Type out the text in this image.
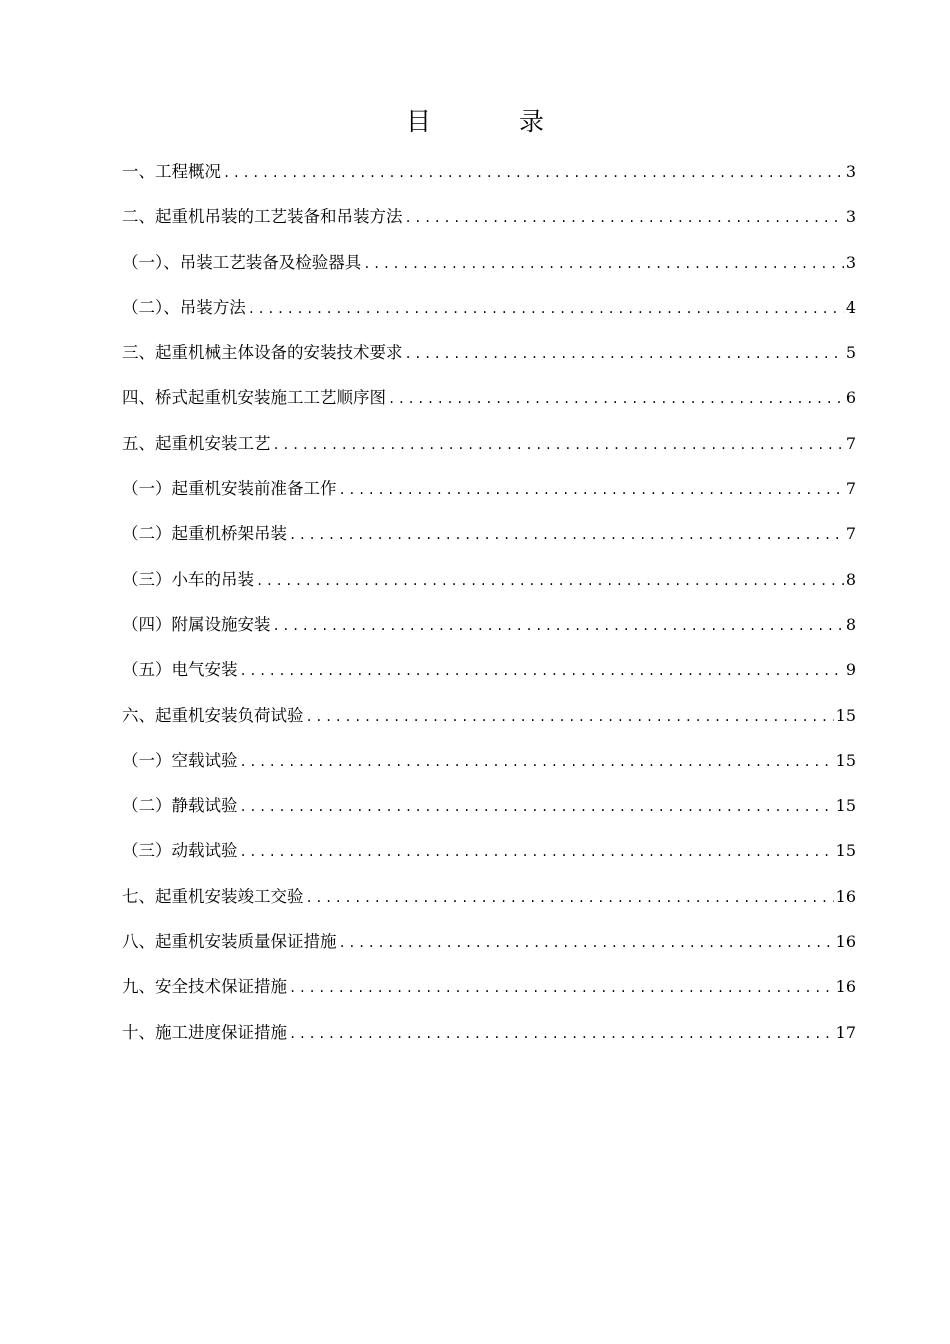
目录
一、工程概况 .....	3
二、起重机吊装的工艺装备和吊装方法 .....	3
（一）、吊装工艺装备及检验器具 .....	3
（二）、吊装方法 .....	4
三、起重机械主体设备的安装技术要求 .....	5
四、桥式起重机安装施工工艺顺序图 .....	6
五、起重机安装工艺 .....	7
（一）起重机安装前准备工作 .....	7
（二）起重机桥架吊装 .....	7
（三）小车的吊装 .....	8
（四）附属设施安装 .....	8
（五）电气安装 .....	9
六、起重机安装负荷试验 .....	15
（一）空载试验 .....	15
（二）静载试验 .....	15
（三）动载试验 .....	15
七、起重机安装竣工交验 .....	16
八、起重机安装质量保证措施 .....	16
九、安全技术保证措施 .....	16
十、施工进度保证措施 .....	17
